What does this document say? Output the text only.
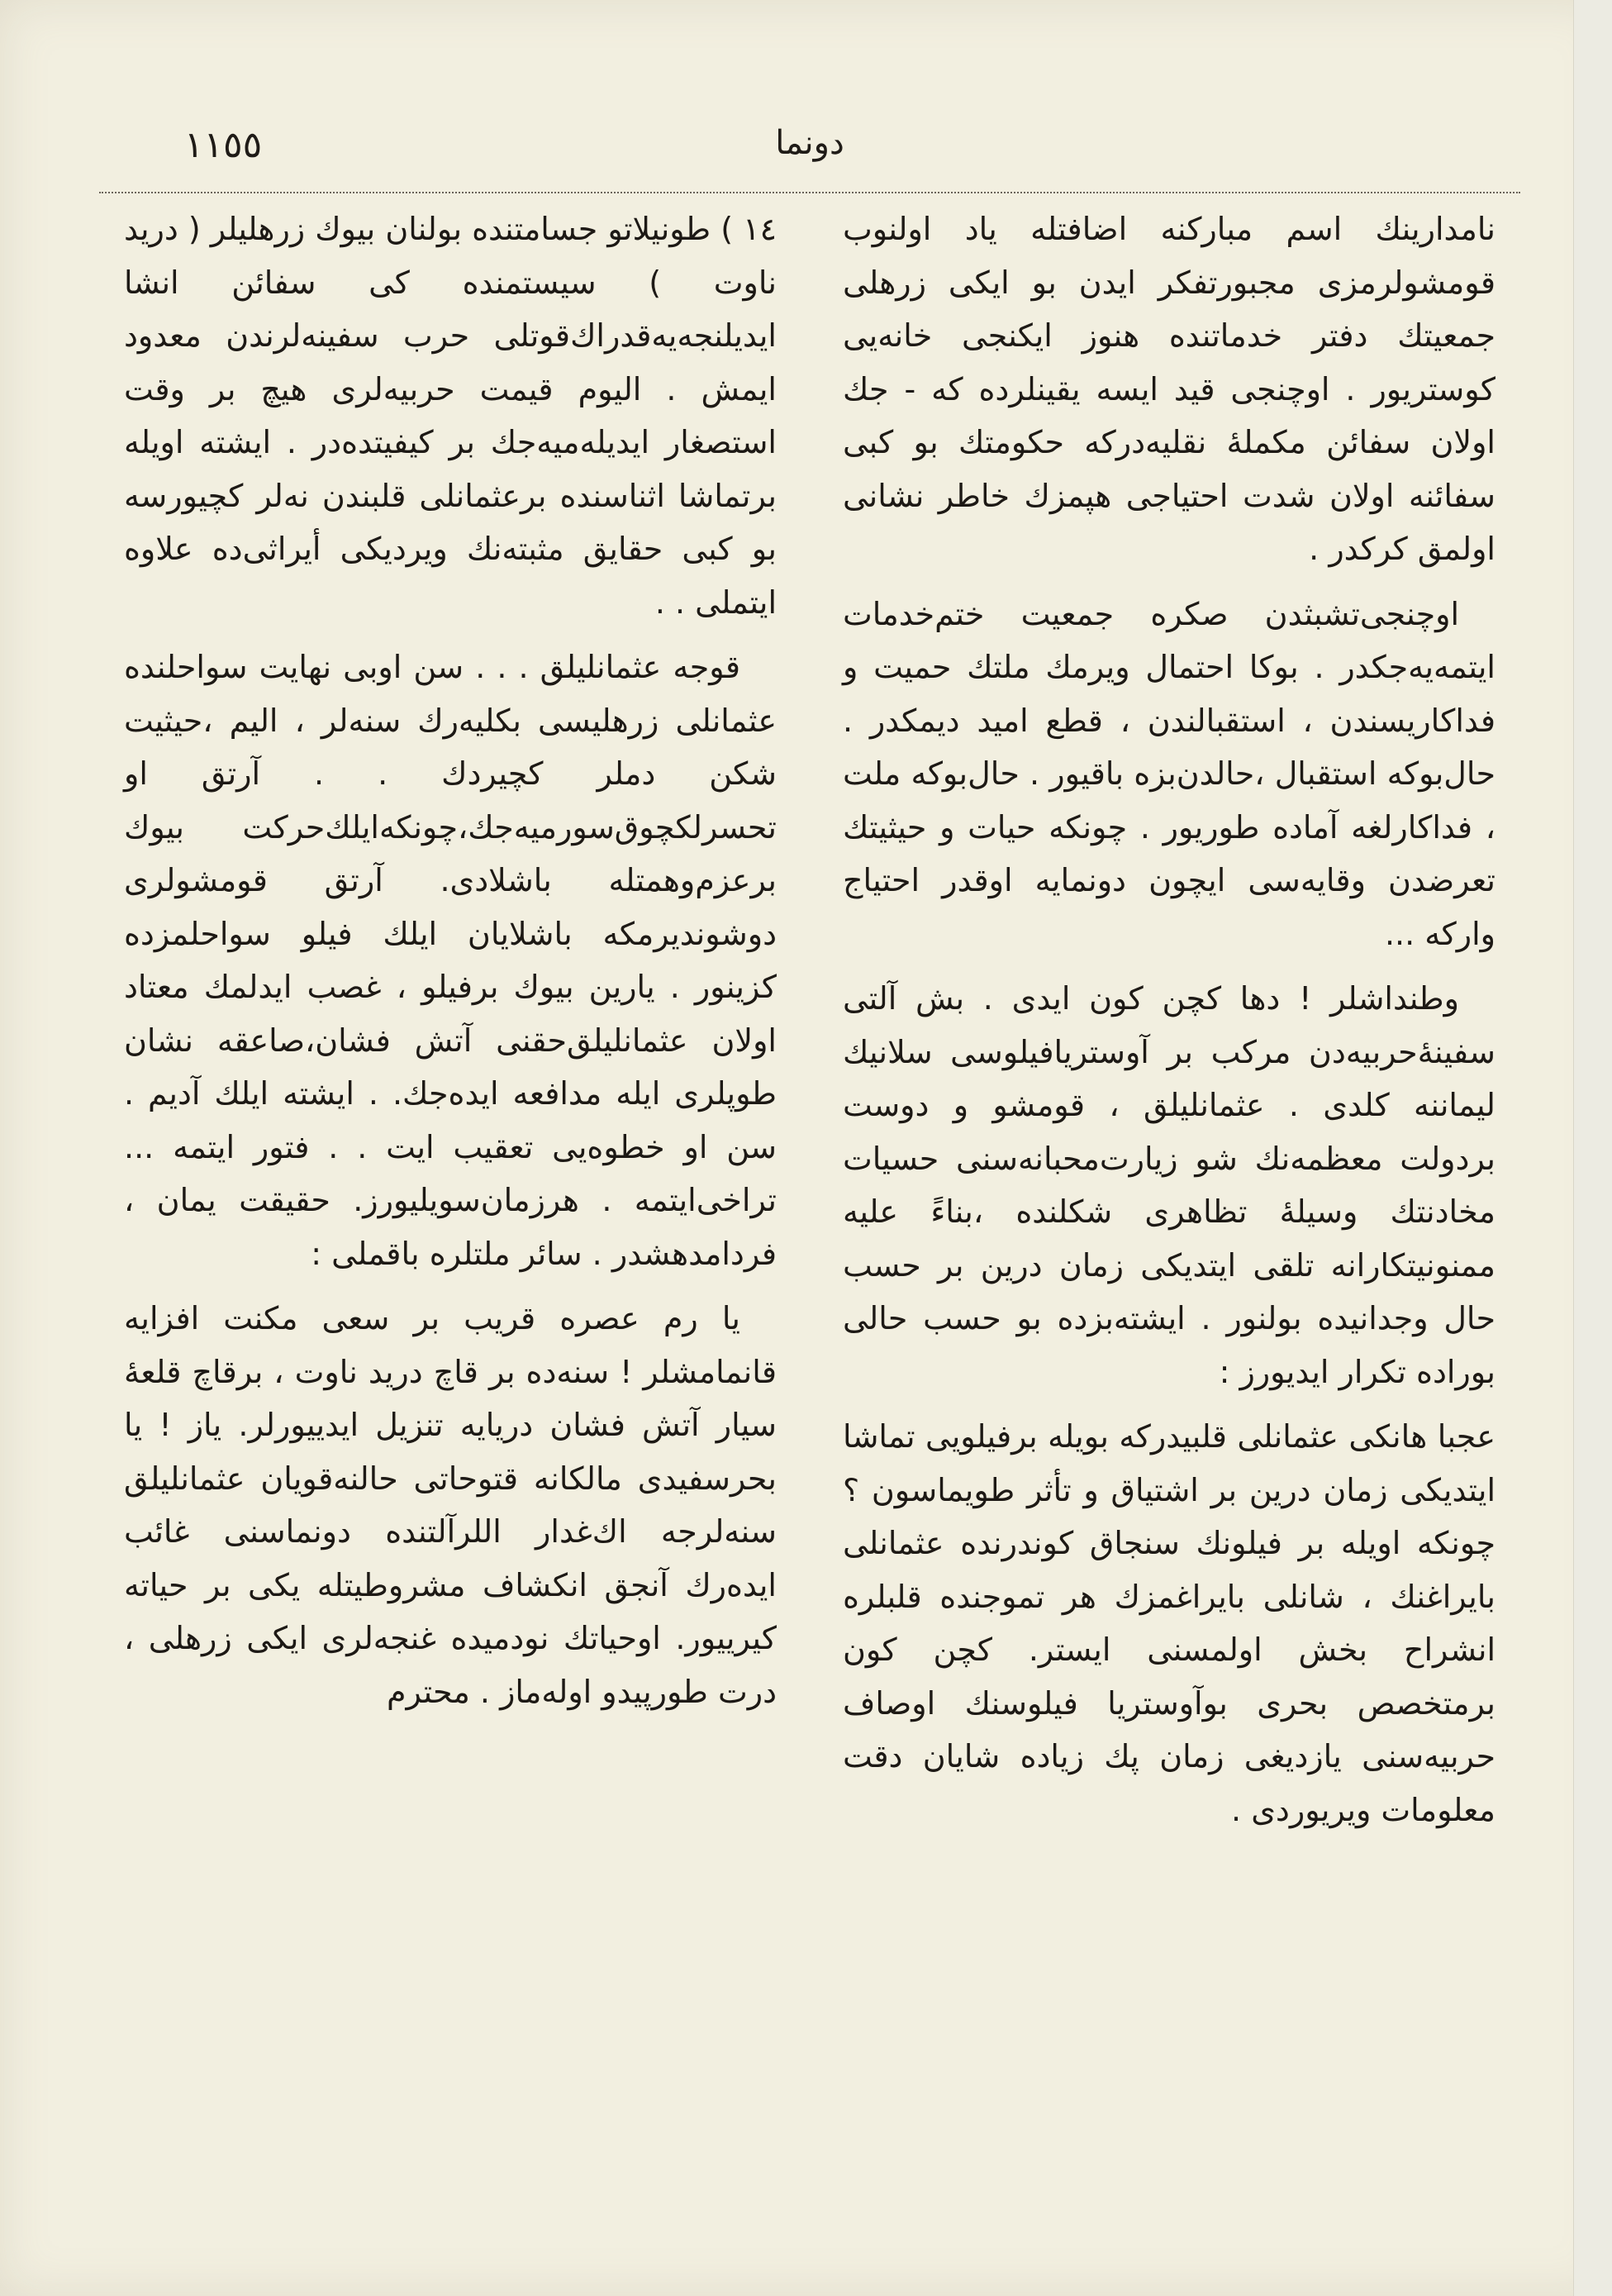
١١٥٥	دونما

نامدارینك اسم مبارکنه اضافتله یاد اولنوب قومشولرمزی مجبورتفکر ایدن بو ایکی زرهلی جمعیتك دفتر خدماتنده هنوز ایکنجی خانه‌یی کوستریور . اوچنجی قید ایسه یقینلرده که - جك اولان سفائن مکمله‌ٔ نقلیه‌درکه حکومتك بو کبی سفائنه اولان شدت احتیاجی هپمزك خاطر نشانی اولمق کرکدر .

اوچنجی‌تشبثدن صکره جمعیت ختم‌خدمات ایتمه‌یه‌جکدر . بوکا احتمال ویرمك ملتك حمیت و فداکاریسندن ، استقبالندن ، قطع امید دیمکدر . حال‌بوکه استقبال ،حالدن‌بزه باقیور . حال‌بوکه ملت ، فداکارلغه آماده طوریور . چونکه حیات و حیثیتك تعرضدن وقایه‌سی ایچون دونمایه اوقدر احتیاج وارکه ...

وطنداشلر ! دها کچن کون ایدی . بش آلتی سفینهٔ‌حربیه‌دن مرکب بر آوستریافیلوسی سلانیك لیماننه کلدی . عثمانلیلق ، قومشو و دوست بردولت معظمه‌نك شو زیارت‌محبانه‌سنی حسیات مخادنتك وسیلهٔ تظاهری شکلنده ،بناءً علیه ممنونیتکارانه تلقی ایتدیکی زمان درین بر حسب حال وجدانیده بولنور . ایشته‌بزده بو حسب حالی بوراده تکرار ایدیورز :

عجبا هانکی عثمانلی قلبیدرکه بویله برفیلویی تماشا ایتدیکی زمان درین بر اشتیاق و تأثر طویماسون ؟ چونکه اویله بر فیلونك سنجاق کوندرنده عثمانلی بایراغنك ، شانلی بایراغمزك هر تموجنده قلبلره انشراح بخش اولمسنی ایستر. کچن کون برمتخصص بحری بوآوستریا فیلوسنك اوصاف حربیه‌سنی یازدیغی زمان پك زیاده شایان دقت معلومات ویریوردی .

١٤ ) طونیلاتو جسامتنده بولنان بیوك زرهلیلر ( درید ناوت ) سیستمنده کی سفائن انشا ایدیلنجه‌یه‌قدراك‌قوتلی حرب سفینه‌لرندن معدود ایمش . الیوم قیمت حربیه‌لری هیچ بر وقت استصغار ایدیله‌میه‌جك بر کیفیتده‌در . ایشته اویله برتماشا اثناسنده برعثمانلی قلبندن نه‌لر کچیورسه بو کبی حقایق مثبته‌نك ویردیکی أیراثی‌ده علاوه ایتملی . .

قوجه عثمانلیلق . . . سن اوبی نهایت سواحلنده عثمانلی زرهلیسی بکلیه‌رك سنه‌لر ، الیم ،حیثیت شکن دملر کچیردك . . آرتق او تحسرلكچوق‌سورمیه‌جك،چونکه‌ایلك‌حرکت بیوك برعزم‌وهمتله باشلادی. آرتق قومشولری دوشوندیرمکه باشلایان ایلك فیلو سواحلمزده کزینور . یارین بیوك برفیلو ، غصب ایدلمك معتاد اولان عثمانلیلق‌حقنی آتش فشان،صاعقه نشان طوپلری ایله مدافعه ایده‌جك. . ایشته ایلك آدیم . سن او خطوه‌یی تعقیب ایت . . فتور ایتمه ... تراخی‌ایتمه . هرزمان‌سویلیورز. حقیقت یمان ، فردامدهشدر . سائر ملتلره باقملی :

یا رم عصره قریب بر سعی مکنت افزایه قانمامشلر ! سنه‌ده بر قاچ درید ناوت ، برقاچ قلعهٔ سیار آتش فشان دریایه تنزیل ایدییورلر. یاز ! یا بحرسفیدی مالکانه قتوحاتی حالنه‌قویان عثمانلیلق سنه‌لرجه اك‌غدار اللرآلتنده دونماسنی غائب ایده‌رك آنجق انکشاف مشروطیتله یکی بر حیاته کیرییور. اوحیاتك نودمیده غنجه‌لری ایکی زرهلی ، درت طورپیدو اوله‌ماز . محترم
